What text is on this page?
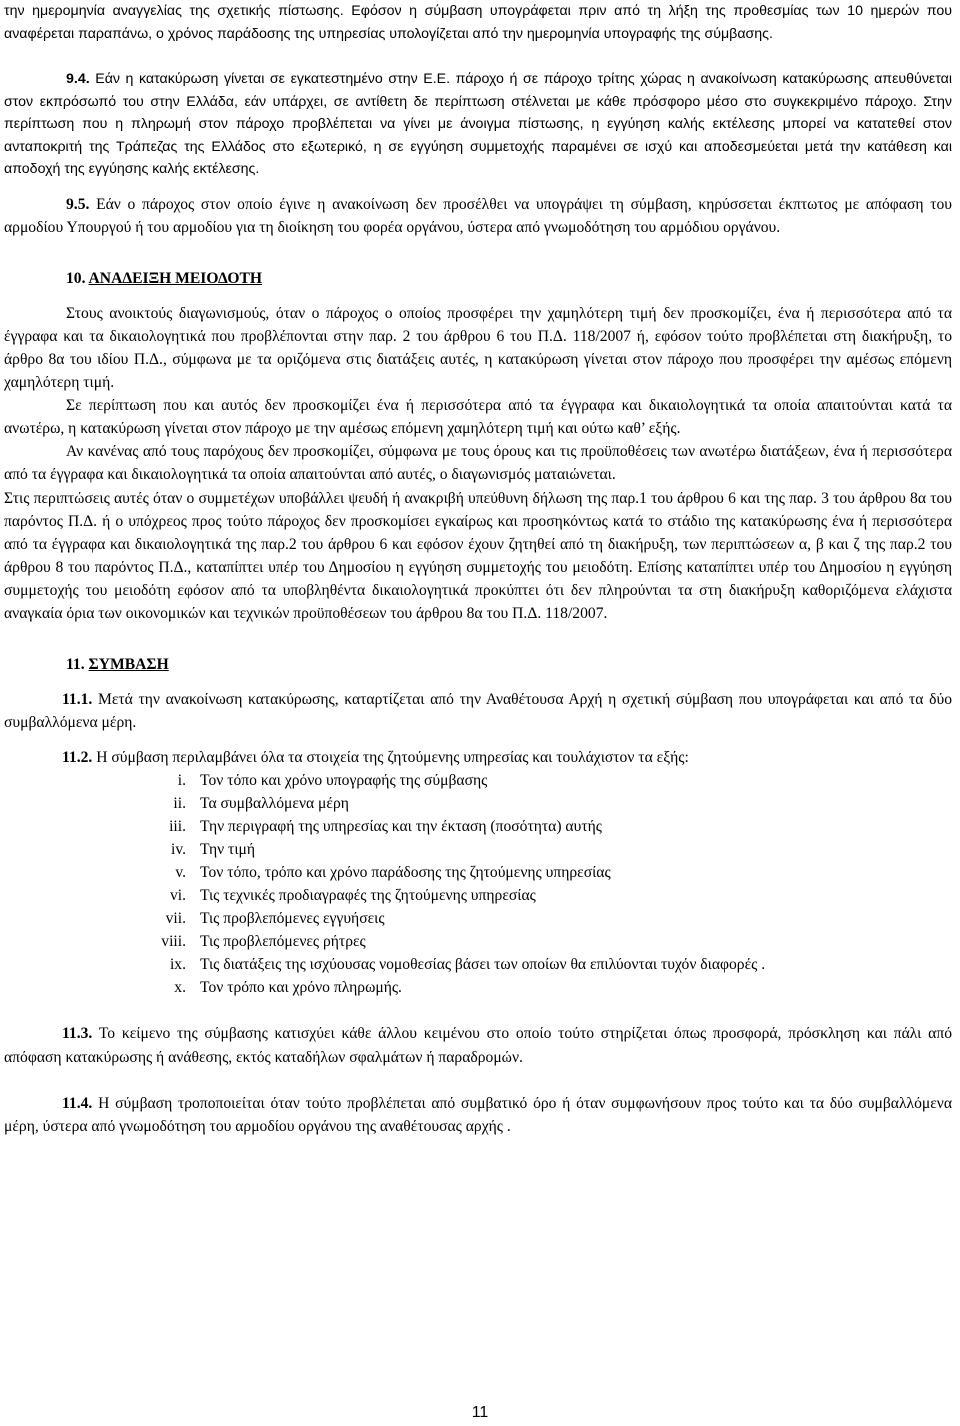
την ημερομηνία αναγγελίας της σχετικής πίστωσης. Εφόσον η σύμβαση υπογράφεται πριν από τη λήξη της προθεσμίας των 10 ημερών που αναφέρεται παραπάνω, ο χρόνος παράδοσης της υπηρεσίας υπολογίζεται από την ημερομηνία υπογραφής της σύμβασης.

9.4. Εάν η κατακύρωση γίνεται σε εγκατεστημένο στην Ε.Ε. πάροχο ή σε πάροχο τρίτης χώρας η ανακοίνωση κατακύρωσης απευθύνεται στον εκπρόσωπό του στην Ελλάδα, εάν υπάρχει, σε αντίθετη δε περίπτωση στέλνεται με κάθε πρόσφορο μέσο στο συγκεκριμένο πάροχο. Στην περίπτωση που η πληρωμή στον πάροχο προβλέπεται να γίνει με άνοιγμα πίστωσης, η εγγύηση καλής εκτέλεσης μπορεί να κατατεθεί στον ανταποκριτή της Τράπεζας της Ελλάδος στο εξωτερικό, η σε εγγύηση συμμετοχής παραμένει σε ισχύ και αποδεσμεύεται μετά την κατάθεση και αποδοχή της εγγύησης καλής εκτέλεσης.

9.5. Εάν ο πάροχος στον οποίο έγινε η ανακοίνωση δεν προσέλθει να υπογράψει τη σύμβαση, κηρύσσεται έκπτωτος με απόφαση του αρμοδίου Υπουργού ή του αρμοδίου για τη διοίκηση του φορέα οργάνου, ύστερα από γνωμοδότηση του αρμόδιου οργάνου.

10. ΑΝΑΔΕΙΞΗ ΜΕΙΟΔΟΤΗ

Στους ανοικτούς διαγωνισμούς, όταν ο πάροχος ο οποίος προσφέρει την χαμηλότερη τιμή δεν προσκομίζει, ένα ή περισσότερα από τα έγγραφα και τα δικαιολογητικά που προβλέπονται στην παρ. 2 του άρθρου 6 του Π.Δ. 118/2007 ή, εφόσον τούτο προβλέπεται στη διακήρυξη, το άρθρο 8α του ιδίου Π.Δ., σύμφωνα με τα οριζόμενα στις διατάξεις αυτές, η κατακύρωση γίνεται στον πάροχο που προσφέρει την αμέσως επόμενη χαμηλότερη τιμή.

Σε περίπτωση που και αυτός δεν προσκομίζει ένα ή περισσότερα από τα έγγραφα και δικαιολογητικά τα οποία απαιτούνται κατά τα ανωτέρω, η κατακύρωση γίνεται στον πάροχο με την αμέσως επόμενη χαμηλότερη τιμή και ούτω καθ’ εξής.

Αν κανένας από τους παρόχους δεν προσκομίζει, σύμφωνα με τους όρους και τις προϋποθέσεις των ανωτέρω διατάξεων, ένα ή περισσότερα από τα έγγραφα και δικαιολογητικά τα οποία απαιτούνται από αυτές, ο διαγωνισμός ματαιώνεται.

Στις περιπτώσεις αυτές όταν ο συμμετέχων υποβάλλει ψευδή ή ανακριβή υπεύθυνη δήλωση της παρ.1 του άρθρου 6 και της παρ. 3 του άρθρου 8α του παρόντος Π.Δ. ή ο υπόχρεος προς τούτο πάροχος δεν προσκομίσει εγκαίρως και προσηκόντως κατά το στάδιο της κατακύρωσης ένα ή περισσότερα από τα έγγραφα και δικαιολογητικά της παρ.2 του άρθρου 6 και εφόσον έχουν ζητηθεί από τη διακήρυξη, των περιπτώσεων α, β και ζ της παρ.2 του άρθρου 8 του παρόντος Π.Δ., καταπίπτει υπέρ του Δημοσίου η εγγύηση συμμετοχής του μειοδότη. Επίσης καταπίπτει υπέρ του Δημοσίου η εγγύηση συμμετοχής του μειοδότη εφόσον από τα υποβληθέντα δικαιολογητικά προκύπτει ότι δεν πληρούνται τα στη διακήρυξη καθοριζόμενα ελάχιστα αναγκαία όρια των οικονομικών και τεχνικών προϋποθέσεων του άρθρου 8α του Π.Δ. 118/2007.

11. ΣΥΜΒΑΣΗ

11.1. Μετά την ανακοίνωση κατακύρωσης, καταρτίζεται από την Αναθέτουσα Αρχή η σχετική σύμβαση που υπογράφεται και από τα δύο συμβαλλόμενα μέρη.

11.2. Η σύμβαση περιλαμβάνει όλα τα στοιχεία της ζητούμενης υπηρεσίας και τουλάχιστον τα εξής:

i. Τον τόπο και χρόνο υπογραφής της σύμβασης
ii. Τα συμβαλλόμενα μέρη
iii. Την περιγραφή της υπηρεσίας και την έκταση (ποσότητα) αυτής
iv. Την τιμή
v. Τον τόπο, τρόπο και χρόνο παράδοσης της ζητούμενης υπηρεσίας
vi. Τις τεχνικές προδιαγραφές της ζητούμενης υπηρεσίας
vii. Τις προβλεπόμενες εγγυήσεις
viii. Τις προβλεπόμενες ρήτρες
ix. Τις διατάξεις της ισχύουσας νομοθεσίας βάσει των οποίων θα επιλύονται τυχόν διαφορές .
x. Τον τρόπο και χρόνο πληρωμής.

11.3. Το κείμενο της σύμβασης κατισχύει κάθε άλλου κειμένου στο οποίο τούτο στηρίζεται όπως προσφορά, πρόσκληση και πάλι από απόφαση κατακύρωσης ή ανάθεσης, εκτός καταδήλων σφαλμάτων ή παραδρομών.

11.4. Η σύμβαση τροποποιείται όταν τούτο προβλέπεται από συμβατικό όρο ή όταν συμφωνήσουν προς τούτο και τα δύο συμβαλλόμενα μέρη, ύστερα από γνωμοδότηση του αρμοδίου οργάνου της αναθέτουσας αρχής .

11
